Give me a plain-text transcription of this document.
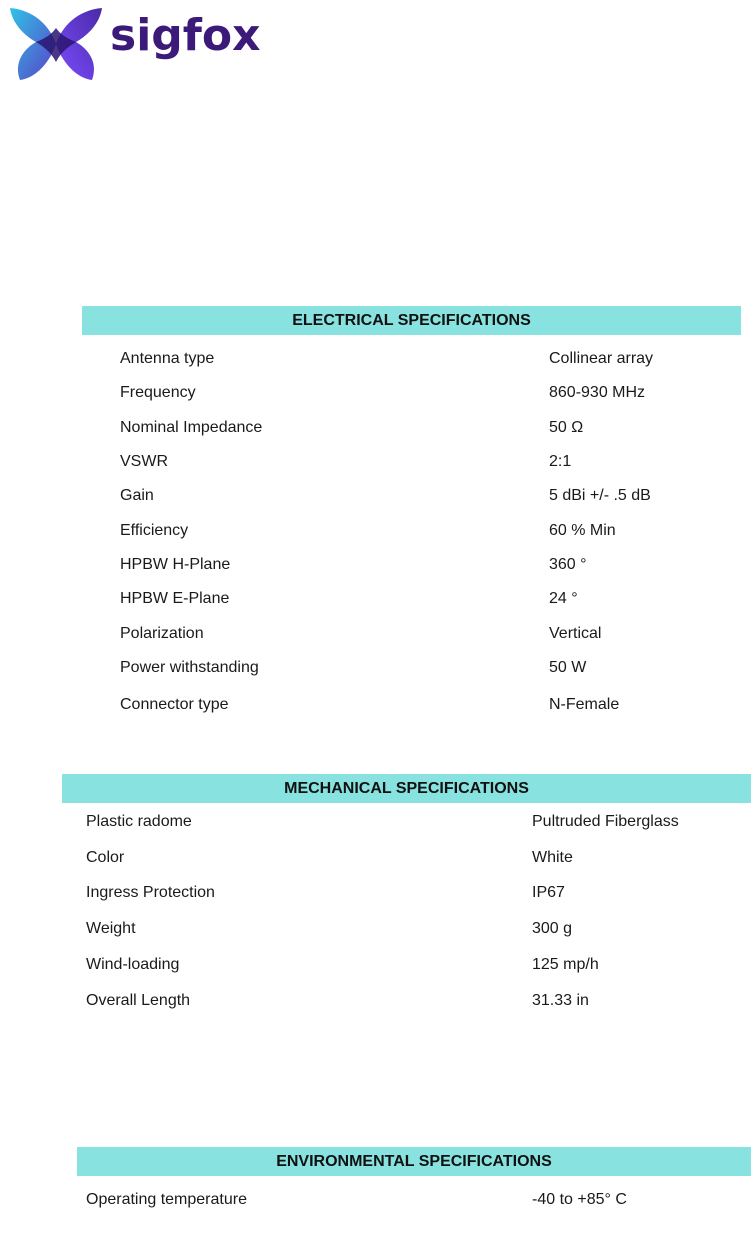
sigfox
ELECTRICAL SPECIFICATIONS
Antenna type	Collinear array
Frequency	860-930 MHz
Nominal Impedance	50 Ω
VSWR	2:1
Gain	5 dBi +/- .5 dB
Efficiency	60 % Min
HPBW H-Plane	360 °
HPBW E-Plane	24 °
Polarization	Vertical
Power withstanding	50 W
Connector type	N-Female
MECHANICAL SPECIFICATIONS
Plastic radome	Pultruded Fiberglass
Color	White
Ingress Protection	IP67
Weight	300 g
Wind-loading	125 mp/h
Overall Length	31.33 in
ENVIRONMENTAL SPECIFICATIONS
Operating temperature	-40 to +85° C
